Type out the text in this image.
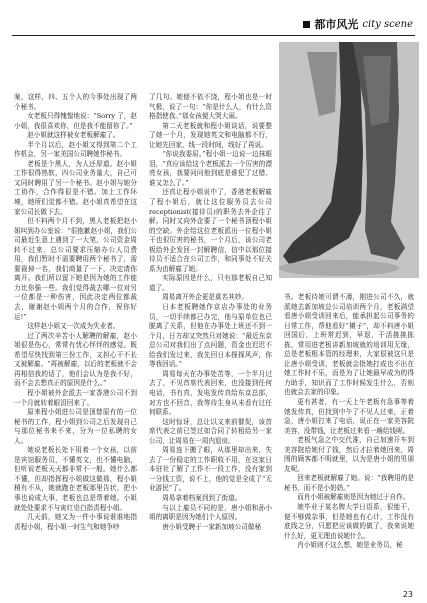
都市风光 city scene

案，这样，四、五个人的今事处出现了两个秘书。

女老板只得愧惶地说：“Sorry 了，赵小姐，我很喜欢你，但是我不能留你了。”

赵小姐就这样被女老板解雇了。

半个月以后，赵小姐又得到第二个工作机会，另一家美国公司聘她作秘书。

老板是个黑人，为人还厚道。赵小姐工作很得热软，四公司业务量大，自己可又同时聘用了另一个秘书。赵小姐与她分工协作，合作得很是不错。加上工作环境，她所们觉都不错。赵小姐真希望在这家公司长做下去。

但不料两个月不到，黑人老板把赵小姐叫到办公室说：“很抱歉赵小姐，我们公司最近生意上遇到了一大笔，公司资金周转不过来，总公司要求压缩办公人员费用，我们暂时不需要聘用两个秘书了，需要裁掉一名，我们商量了一下，决定请你离开。我们所以留下她是因为她的工作能力比你强一些。我们觉得裁去哪一位对另一位都是一种伤害，因此决定两位都裁去，谢谢赵小姐两个月的合作，祝你好运!”

这样赵小姐又一次成为失业者。

过了两次辛苦小人解聘的解雇，赵小姐很是伤心，常常有忧心怦怦的感觉。既希望尽快找到第三份工作，又担心干不长又被解雇。“再被解雇，以后的老板就不会再相信我的话了，他们会认为是我不好，而不会去想真正的原因是什么。”

程小姐被外企派去一家香港公司不到一个月就转着眼泪回来了。

原来程小姐进公司是顶替原有的一位秘书的工作，程小姐到公司之后发现自己与那位秘书来不来，分为一位私聘的女人。

她说老板长处下用着一个女孩，以前是宾馆服务员，不懂英文，也不懂电脑，但听说老板天天都非常不一般。她什么都不懂，但却指挥程小姐做这做那，程小姐稍有不从，她就跑在老板那里告状，把小事也说成大事，老板也总是帮着她。小姐就处处要求不与寅红皂白指责程小姐。

几天前，她又为一件小事说谁谁地指责程小姐，程小姐一时生气和她争吵

了几句。她便不依不饶，程小姐也是一时气极，说了一句：“你是什么人，有什么资格指使我。”那女孩便大哭大闹。

第二天老板就和程小姐谈话，说要整了她一个月，发现她英文和电脑都不行，让她先回家，线一段时间，线好了再说。

“你说我委屈。”程小姐一边说一边抹眼泪，“真应该给这个老板派去一个厉害的漂亮女孩，我要问问他到底是谁犯了过错、谁又怎么了。”

还真让程小姐说中了，香港老板解雇了程小姐后，就让这位服务员去公司receptionist(接待员)的职务去外企往了解。同时又向外企要了一个秘书顶程小姐的空缺。外企给这位老板派出一位程小姐干也很厉害的秘书，一个月后，该公司老板给外企发回一封解聘信，信中以那位接待员不适合在公司工作，和同事处不好关系为由解雇了她。

实际原因是什么，只有那老板自己知道了。

周易离开外企更是莫名其妙。

日本老板聘她作京店办事处的业务员，一切手续都已办完，他与原单位也已脱离了关系，但他在办事处上班还不到一个月，日方却又突然只对她说：“最近东京总公司对我们出了点问题，资金也迟迟不给我们发过来，我先回日本探探风声，你等我回话。”

周易每天在办事处苦等，一个半月过去了，不见首席代表回来，也没接到任何电话，书有真，发电发传真给东京总部，对方也不回音，我等待生身从未看有过任何联系。

这时惊讶，总让以又来前催促，该首席代表之前已签过如合同了转租给另一家公司，让周易在一周内退房。

周易连下搬了眼，从那里却出来，失去了一份稳定的工作职收不用，在这家日本驻社了解了工作不一段工作，没有家到一分钱工资，说不上，他的觉是全成了“无业游民”了。

周易拿着档案到到了街道。

与以上雇员不同的是，唐小姐和孙小姐的离职是因为她们个人原因。

唐小姐受聘于一家新加坡公司做秘

书。老板待她可谓不薄，刚进公司不久，就派她去新加坡总公司培训两个月，老板满望看唐小姐受训回来后，能承担起公司事务的日常工作，帮他看好“摊子”，却不料唐小姐回国后，上班常迟到，早退，干活挑挑拣拣，常用进老板讲新加坡就的培训用无缘，总是老板根本管的经理来，大家很被这只是让唐小姐受训，老板就会批她打成也不出在她工作时不乐，而是为了让她最早成为的得力助手，知识而了工作时候发生什么，否则也就会去家的印象。

更有甚者，有一天上午老板有急事等着她发传真，但找到中午了不见人过来，正着急，唐小姐打来了电话，说正在一家美容院美容，没带钱，让老板过来看一趟给钱呢。

老板气急之中交代准，自己加速开车到美容院给她付了钱，然后才拉着她回来，周围的顾客都不明就里，以为是唐小姐的男朋友呢。

回来老板就解雇了她。说：“我聘用的是秘书，而不是小奶奶。”

而肖小姐被解雇则是因为她过于自作。

她毕业于某名牌大学日语系，很能干，便不够做杂事，但是她也有心计，工作没有底线之分，只愿把应该做的做了，我来说她什么好，更无理由说她什么。

肖小姐则不这么想，她是业务员，秘

23
